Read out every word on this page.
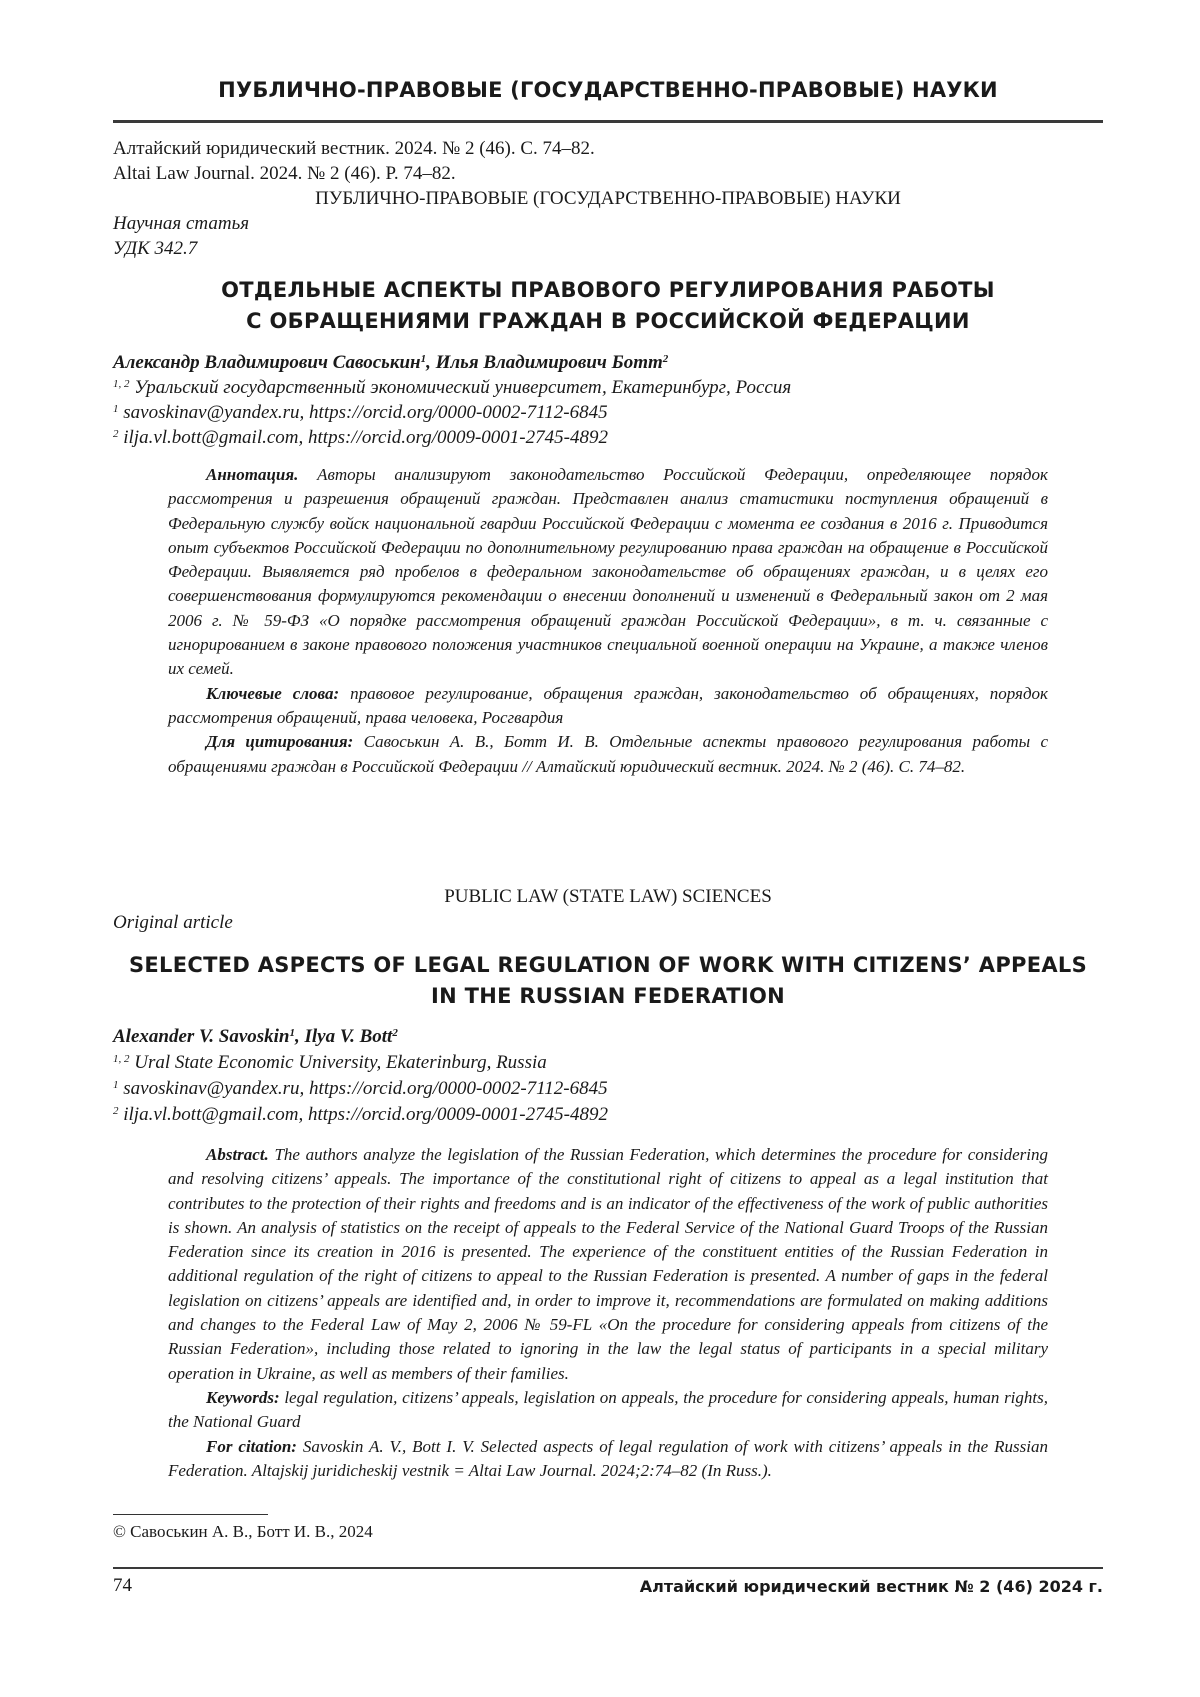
ПУБЛИЧНО-ПРАВОВЫЕ (ГОСУДАРСТВЕННО-ПРАВОВЫЕ) НАУКИ
Алтайский юридический вестник. 2024. № 2 (46). С. 74–82.
Altai Law Journal. 2024. № 2 (46). P. 74–82.
ПУБЛИЧНО-ПРАВОВЫЕ (ГОСУДАРСТВЕННО-ПРАВОВЫЕ) НАУКИ
Научная статья
УДК 342.7
ОТДЕЛЬНЫЕ АСПЕКТЫ ПРАВОВОГО РЕГУЛИРОВАНИЯ РАБОТЫ
С ОБРАЩЕНИЯМИ ГРАЖДАН В РОССИЙСКОЙ ФЕДЕРАЦИИ
Александр Владимирович Савоськин$^1$, Илья Владимирович Ботт$^2$
$^{1, 2}$ Уральский государственный экономический университет, Екатеринбург, Россия
$^1$ savoskinav@yandex.ru, https://orcid.org/0000-0002-7112-6845
$^2$ ilja.vl.bott@gmail.com, https://orcid.org/0009-0001-2745-4892

Аннотация. Авторы анализируют законодательство Российской Федерации, определяющее порядок рассмотрения и разрешения обращений граждан. Представлен анализ статистики поступления обращений в Федеральную службу войск национальной гвардии Российской Федерации с момента ее создания в 2016 г. Приводится опыт субъектов Российской Федерации по дополнительному регулированию права граждан на обращение в Российской Федерации. Выявляется ряд пробелов в федеральном законодательстве об обращениях граждан, и в целях его совершенствования формулируются рекомендации о внесении дополнений и изменений в Федеральный закон от 2 мая 2006 г. № 59-ФЗ «О порядке рассмотрения обращений граждан Российской Федерации», в т. ч. связанные с игнорированием в законе правового положения участников специальной военной операции на Украине, а также членов их семей.

Ключевые слова: правовое регулирование, обращения граждан, законодательство об обращениях, порядок рассмотрения обращений, права человека, Росгвардия

Для цитирования: Савоськин А. В., Ботт И. В. Отдельные аспекты правового регулирования работы с обращениями граждан в Российской Федерации // Алтайский юридический вестник. 2024. № 2 (46). С. 74–82.

PUBLIC LAW (STATE LAW) SCIENCES
Original article
SELECTED ASPECTS OF LEGAL REGULATION OF WORK WITH CITIZENS’ APPEALS
IN THE RUSSIAN FEDERATION
Alexander V. Savoskin$^1$, Ilya V. Bott$^2$
$^{1, 2}$ Ural State Economic University, Ekaterinburg, Russia
$^1$ savoskinav@yandex.ru, https://orcid.org/0000-0002-7112-6845
$^2$ ilja.vl.bott@gmail.com, https://orcid.org/0009-0001-2745-4892

Abstract. The authors analyze the legislation of the Russian Federation, which determines the procedure for considering and resolving citizens’ appeals. The importance of the constitutional right of citizens to appeal as a legal institution that contributes to the protection of their rights and freedoms and is an indicator of the effectiveness of the work of public authorities is shown. An analysis of statistics on the receipt of appeals to the Federal Service of the National Guard Troops of the Russian Federation since its creation in 2016 is presented. The experience of the constituent entities of the Russian Federation in additional regulation of the right of citizens to appeal to the Russian Federation is presented. A number of gaps in the federal legislation on citizens’ appeals are identified and, in order to improve it, recommendations are formulated on making additions and changes to the Federal Law of May 2, 2006 № 59-FL «On the procedure for considering appeals from citizens of the Russian Federation», including those related to ignoring in the law the legal status of participants in a special military operation in Ukraine, as well as members of their families.

Keywords: legal regulation, citizens’ appeals, legislation on appeals, the procedure for considering appeals, human rights, the National Guard

For citation: Savoskin A. V., Bott I. V. Selected aspects of legal regulation of work with citizens’ appeals in the Russian Federation. Altajskij juridicheskij vestnik = Altai Law Journal. 2024;2:74–82 (In Russ.).

© Савоськин А. В., Ботт И. В., 2024
74	Алтайский юридический вестник № 2 (46) 2024 г.
